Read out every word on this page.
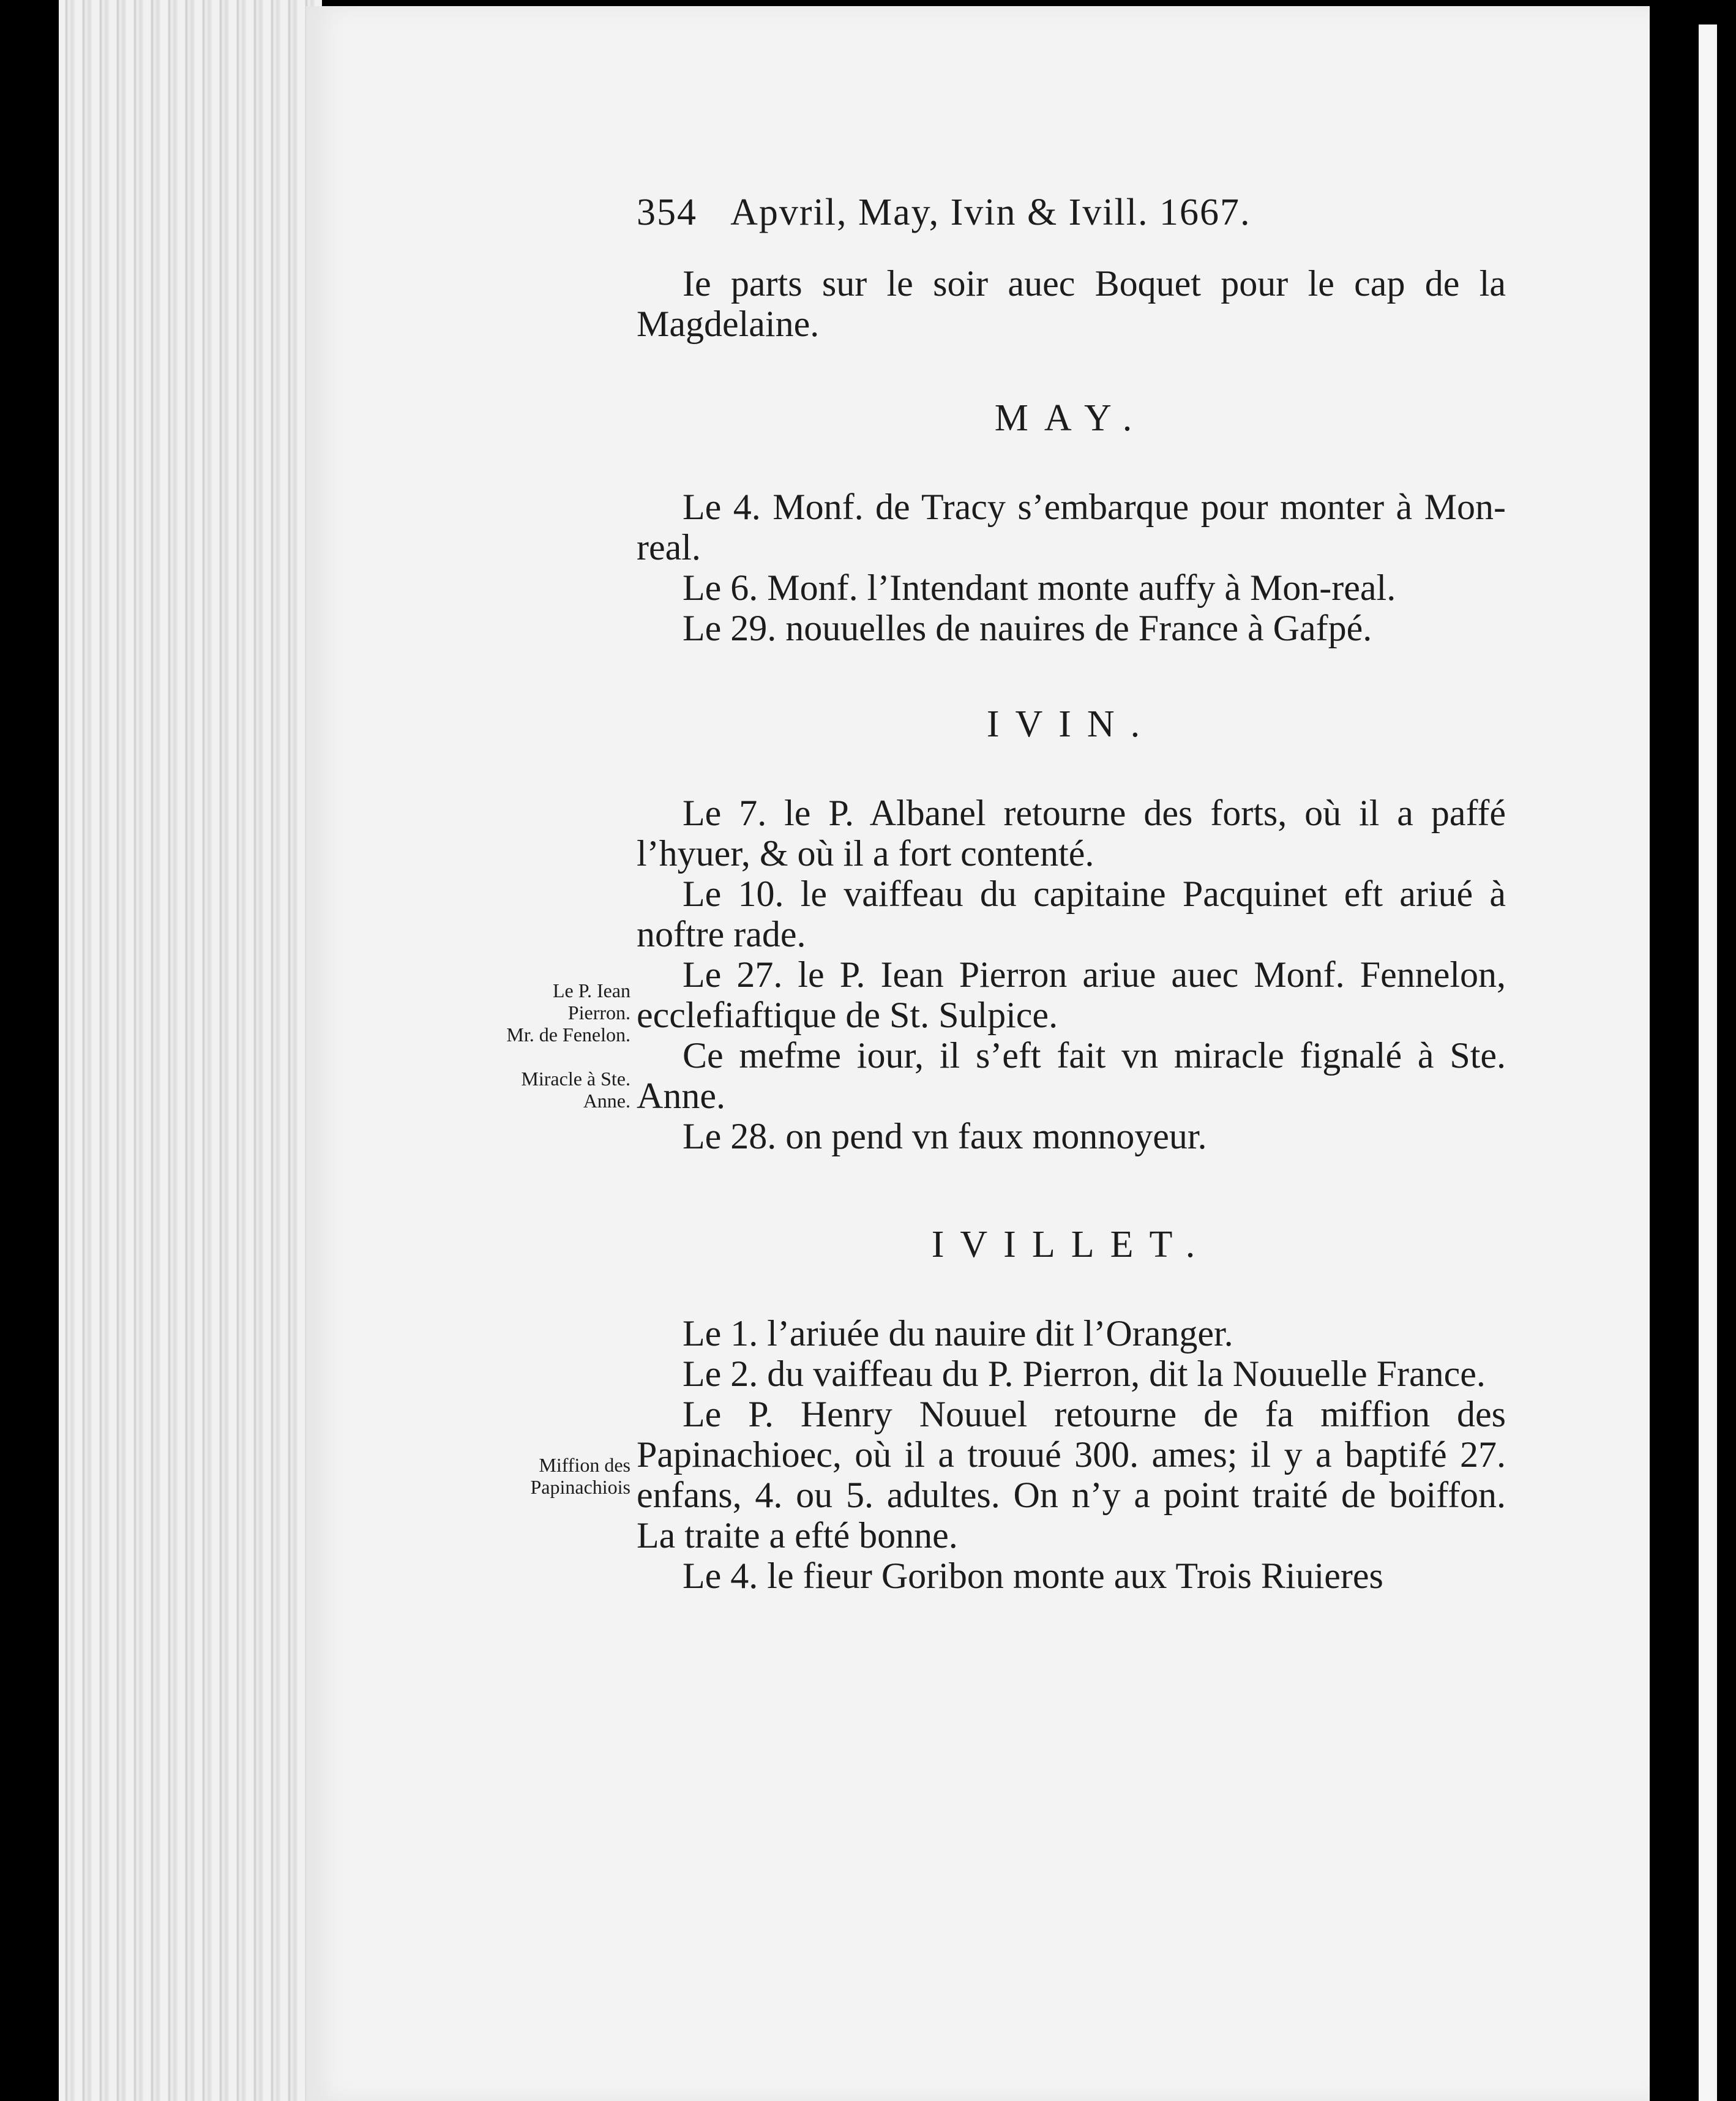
354 Apvril, May, Ivin & Ivill. 1667.

Ie parts sur le soir auec Boquet pour le cap de la Magdelaine.

MAY.

Le 4. Monf. de Tracy s’embarque pour monter à Mon-real.

Le 6. Monf. l’Intendant monte auffy à Mon-real.

Le 29. nouuelles de nauires de France à Gafpé.

IVIN.

Le 7. le P. Albanel retourne des forts, où il a paffé l’hyuer, & où il a fort contenté.

Le 10. le vaiffeau du capitaine Pacquinet eft ariué à noftre rade.

Le 27. le P. Iean Pierron ariue auec Monf. Fennelon, ecclefiaftique de St. Sulpice.

Ce mefme iour, il s’eft fait vn miracle fignalé à Ste. Anne.

Le 28. on pend vn faux monnoyeur.

IVILLET.

Le 1. l’ariuée du nauire dit l’Oranger.

Le 2. du vaiffeau du P. Pierron, dit la Nouuelle France.

Le P. Henry Nouuel retourne de fa miffion des Papinachioec, où il a trouué 300. ames; il y a baptifé 27. enfans, 4. ou 5. adultes. On n’y a point traité de boiffon. La traite a efté bonne.

Le 4. le fieur Goribon monte aux Trois Riuieres

Le P. Iean Pierron.
Mr. de Fenelon.
Miracle à Ste. Anne.
Miffion des Papinachiois
